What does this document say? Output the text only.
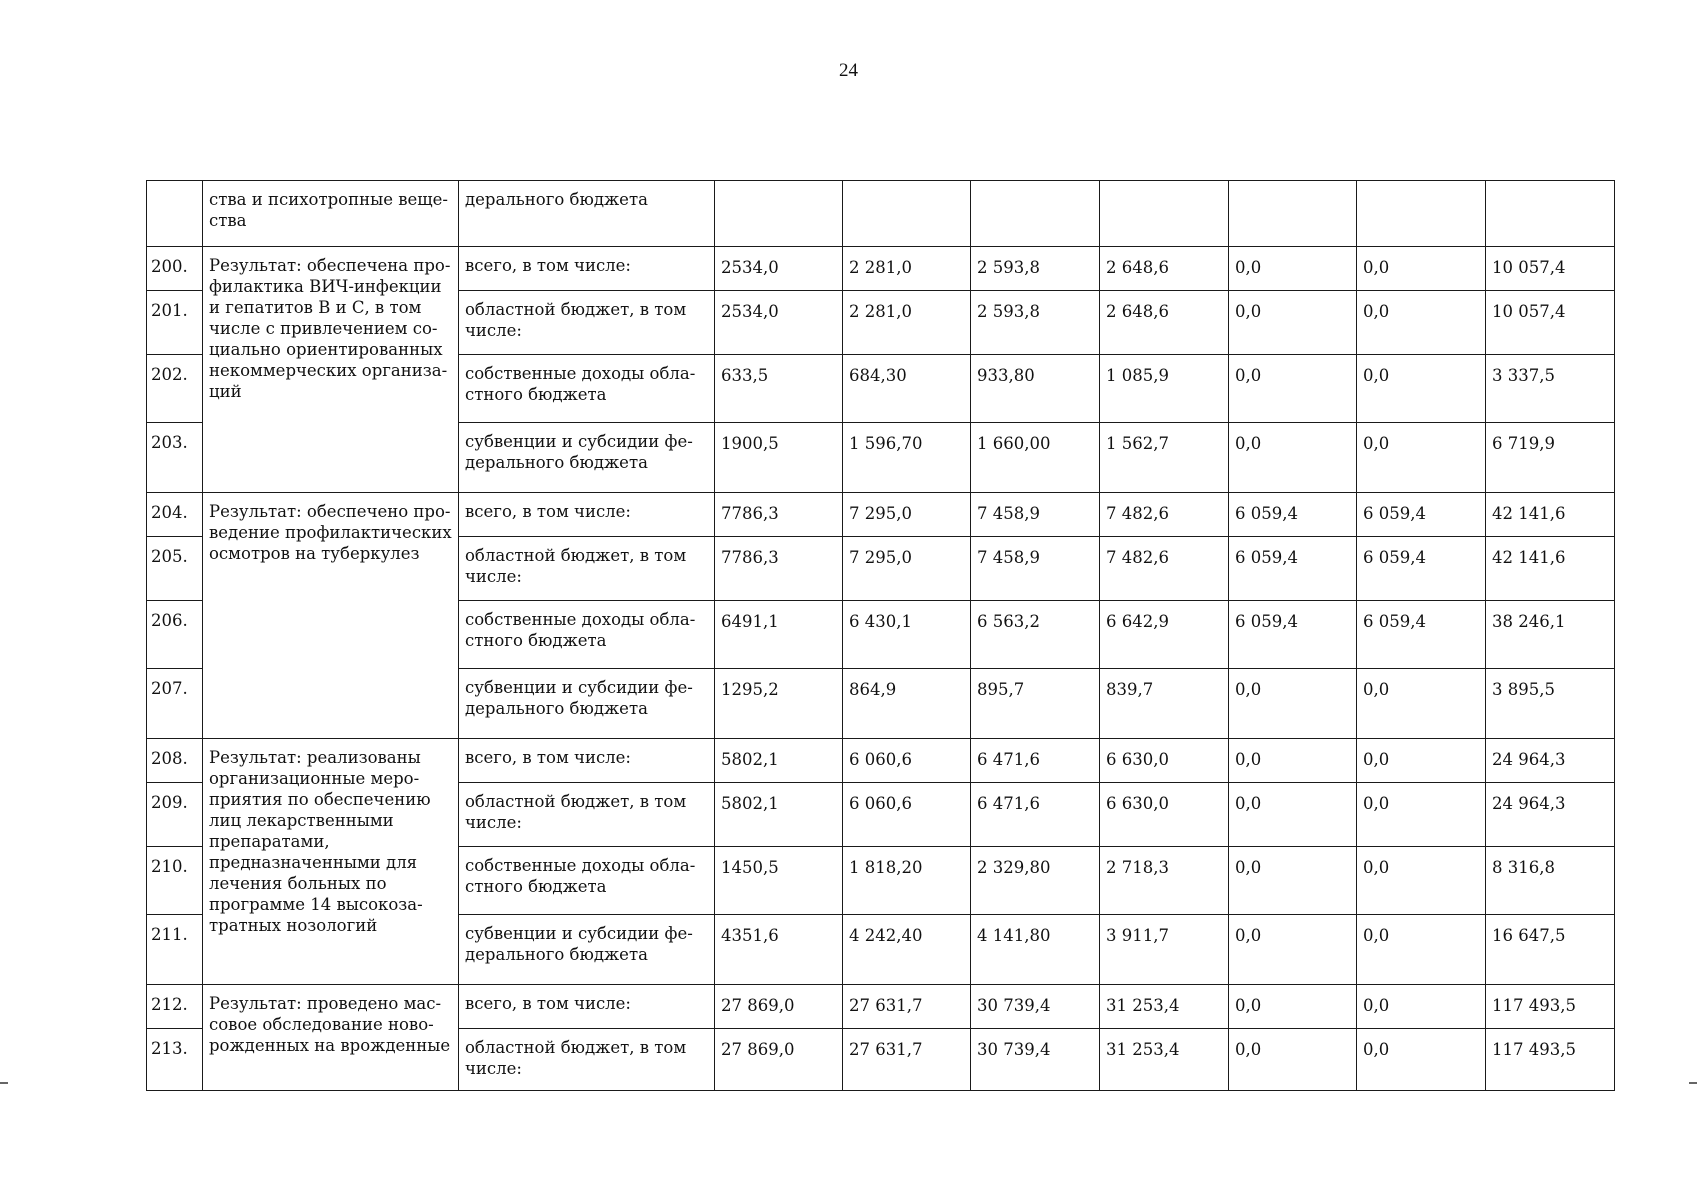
24
	ства и психотропные вещества	дерального бюджета							
200.	Результат: обеспечена профилактика ВИЧ-инфекции и гепатитов В и С, в том числе с привлечением социально ориентированных некоммерческих организаций	всего, в том числе:	2534,0	2 281,0	2 593,8	2 648,6	0,0	0,0	10 057,4
201.		областной бюджет, в том числе:	2534,0	2 281,0	2 593,8	2 648,6	0,0	0,0	10 057,4
202.		собственные доходы областного бюджета	633,5	684,30	933,80	1 085,9	0,0	0,0	3 337,5
203.		субвенции и субсидии федерального бюджета	1900,5	1 596,70	1 660,00	1 562,7	0,0	0,0	6 719,9
204.	Результат: обеспечено проведение профилактических осмотров на туберкулез	всего, в том числе:	7786,3	7 295,0	7 458,9	7 482,6	6 059,4	6 059,4	42 141,6
205.		областной бюджет, в том числе:	7786,3	7 295,0	7 458,9	7 482,6	6 059,4	6 059,4	42 141,6
206.		собственные доходы областного бюджета	6491,1	6 430,1	6 563,2	6 642,9	6 059,4	6 059,4	38 246,1
207.		субвенции и субсидии федерального бюджета	1295,2	864,9	895,7	839,7	0,0	0,0	3 895,5
208.	Результат: реализованы организационные мероприятия по обеспечению лиц лекарственными препаратами, предназначенными для лечения больных по программе 14 высокозатратных нозологий	всего, в том числе:	5802,1	6 060,6	6 471,6	6 630,0	0,0	0,0	24 964,3
209.		областной бюджет, в том числе:	5802,1	6 060,6	6 471,6	6 630,0	0,0	0,0	24 964,3
210.		собственные доходы областного бюджета	1450,5	1 818,20	2 329,80	2 718,3	0,0	0,0	8 316,8
211.		субвенции и субсидии федерального бюджета	4351,6	4 242,40	4 141,80	3 911,7	0,0	0,0	16 647,5
212.	Результат: проведено массовое обследование новорожденных на врожденные	всего, в том числе:	27 869,0	27 631,7	30 739,4	31 253,4	0,0	0,0	117 493,5
213.		областной бюджет, в том числе:	27 869,0	27 631,7	30 739,4	31 253,4	0,0	0,0	117 493,5
